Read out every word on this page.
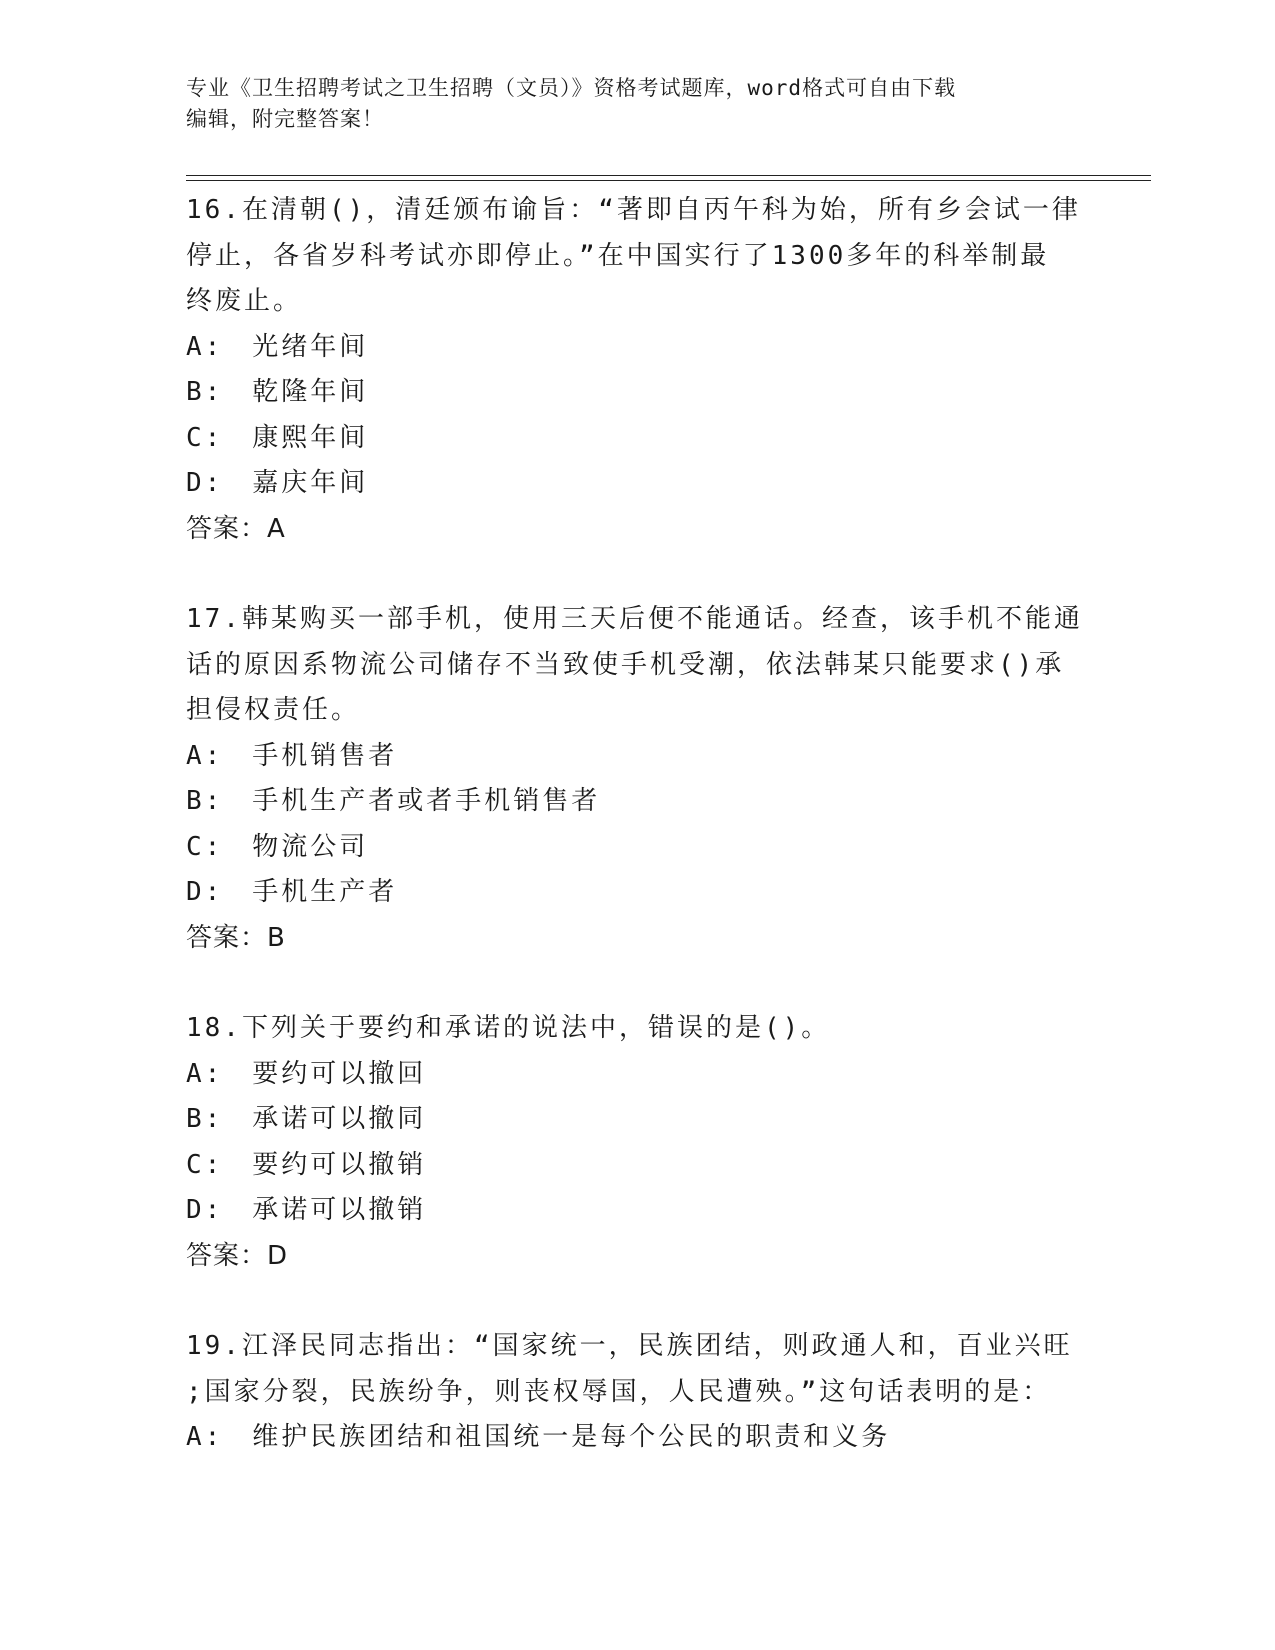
专业《卫生招聘考试之卫生招聘（文员）》资格考试题库，word格式可自由下载
编辑，附完整答案！
16.在清朝()，清廷颁布谕旨：“著即自丙午科为始，所有乡会试一律
停止，各省岁科考试亦即停止。”在中国实行了1300多年的科举制最
终废止。
A:　光绪年间
B:　乾隆年间
C:　康熙年间
D:　嘉庆年间
答案：A
17.韩某购买一部手机，使用三天后便不能通话。经查，该手机不能通
话的原因系物流公司储存不当致使手机受潮，依法韩某只能要求()承
担侵权责任。
A:　手机销售者
B:　手机生产者或者手机销售者
C:　物流公司
D:　手机生产者
答案：B
18.下列关于要约和承诺的说法中，错误的是()。
A:　要约可以撤回
B:　承诺可以撤同
C:　要约可以撤销
D:　承诺可以撤销
答案：D
19.江泽民同志指出：“国家统一，民族团结，则政通人和，百业兴旺
;国家分裂，民族纷争，则丧权辱国，人民遭殃。”这句话表明的是：
A:　维护民族团结和祖国统一是每个公民的职责和义务
